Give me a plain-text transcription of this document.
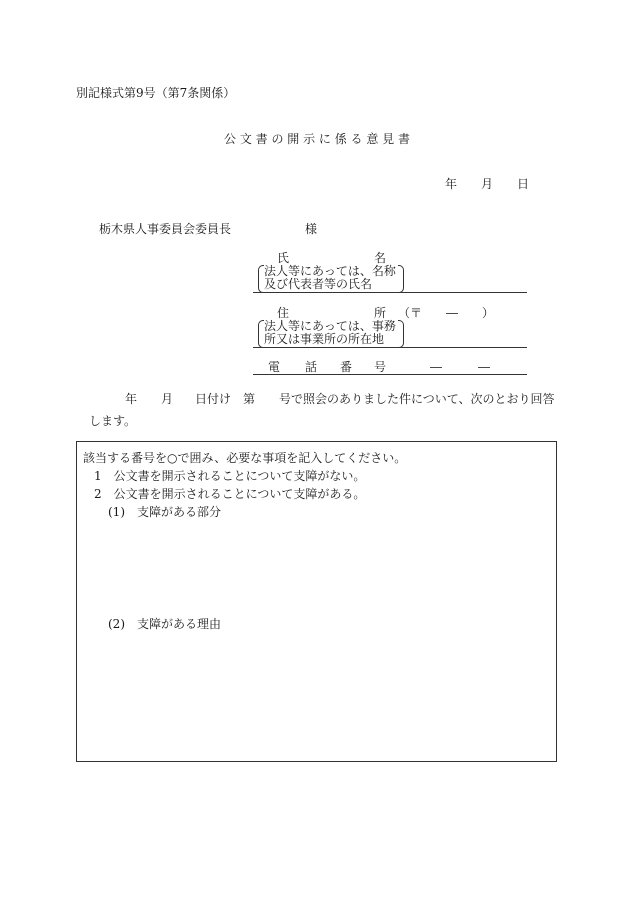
別記様式第9号（第7条関係）
公 文 書 の 開 示 に 係 る 意 見 書
年 月 日
栃木県人事委員会委員長	様
氏	名
法人等にあっては、名称
及び代表者等の氏名
住	所 （〒　　―　　）
法人等にあっては、事務
所又は事業所の所在地
電 話 番 号	―	―
年 月 日付け 第 号で照会のありました件について、次のとおり回答
します。
該当する番号を○で囲み、必要な事項を記入してください。
1　公文書を開示されることについて支障がない。
2　公文書を開示されることについて支障がある。
(1)　支障がある部分
(2)　支障がある理由
